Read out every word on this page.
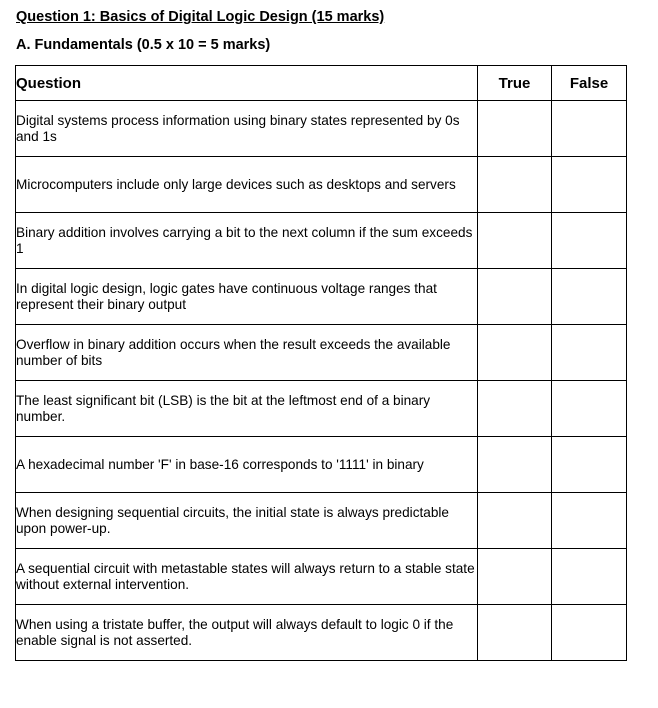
Question 1: Basics of Digital Logic Design (15 marks)
A. Fundamentals (0.5 x 10 = 5 marks)
Question	True	False
Digital systems process information using binary states represented by 0s and 1s		
Microcomputers include only large devices such as desktops and servers		
Binary addition involves carrying a bit to the next column if the sum exceeds 1		
In digital logic design, logic gates have continuous voltage ranges that represent their binary output		
Overflow in binary addition occurs when the result exceeds the available number of bits		
The least significant bit (LSB) is the bit at the leftmost end of a binary number.		
A hexadecimal number 'F' in base-16 corresponds to '1111' in binary		
When designing sequential circuits, the initial state is always predictable upon power-up.		
A sequential circuit with metastable states will always return to a stable state without external intervention.		
When using a tristate buffer, the output will always default to logic 0 if the enable signal is not asserted.		
